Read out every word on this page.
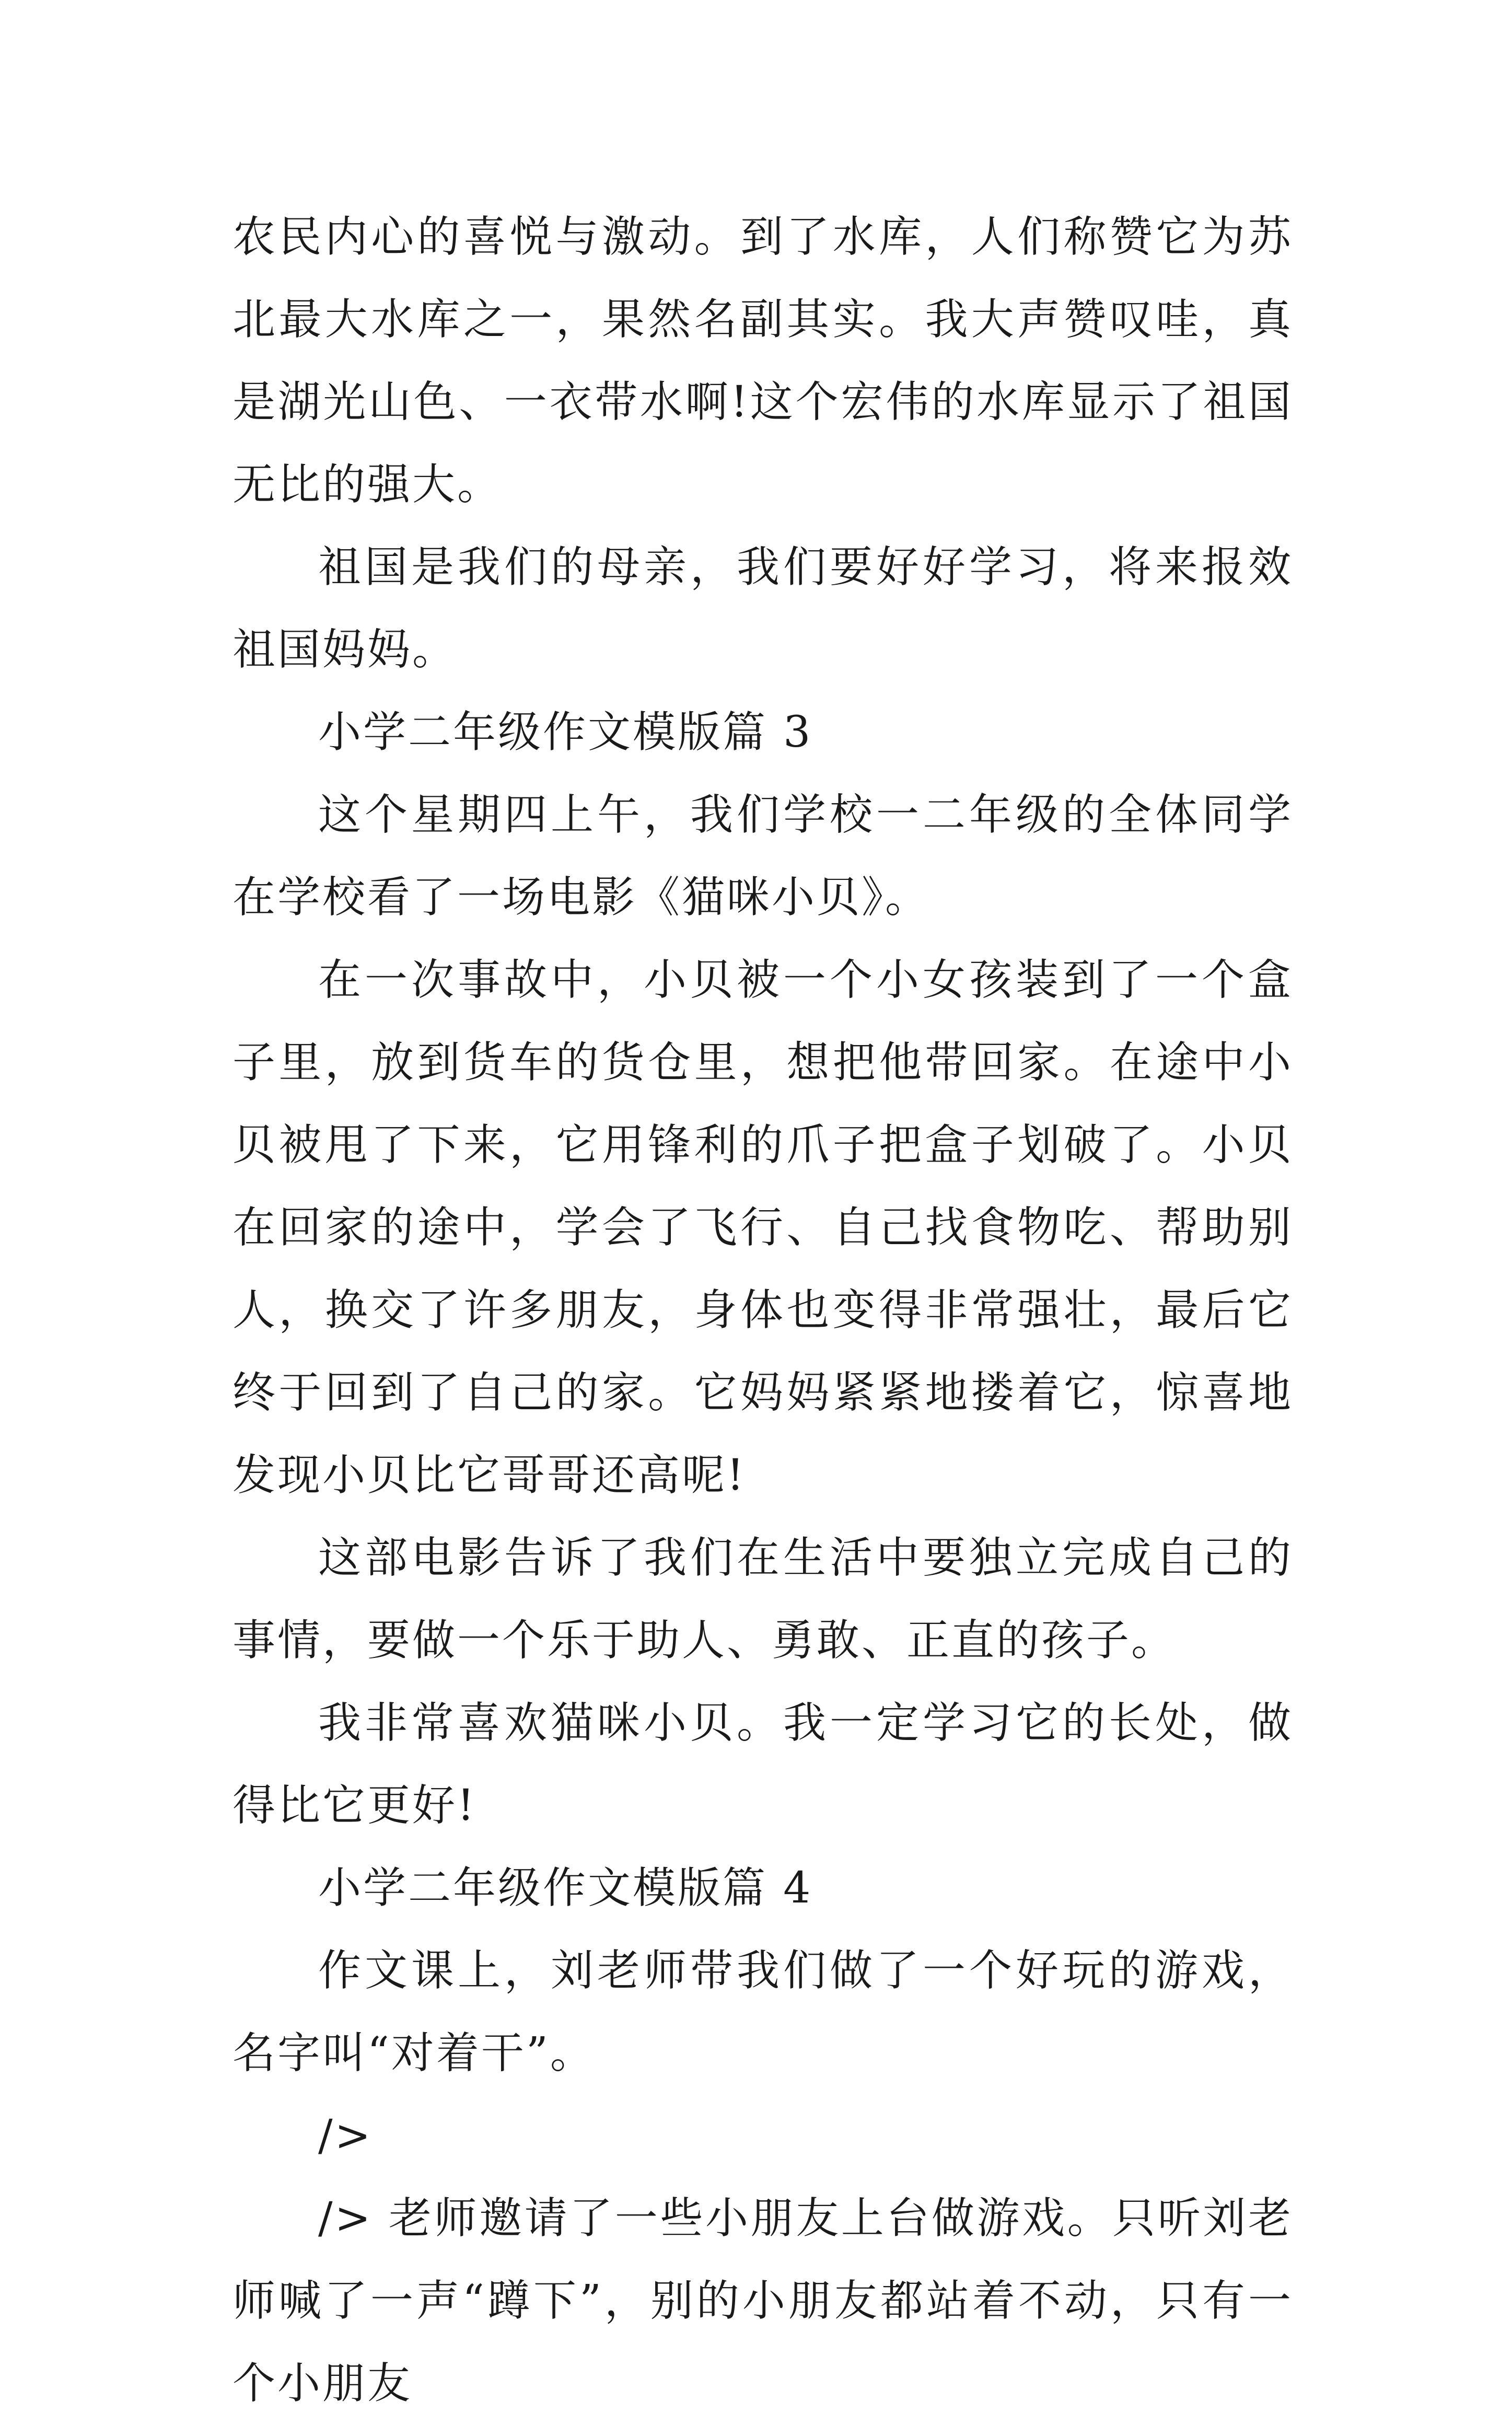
农民内心的喜悦与激动。到了水库，人们称赞它为苏北最大水库之一，果然名副其实。我大声赞叹哇，真是湖光山色、一衣带水啊!这个宏伟的水库显示了祖国无比的强大。

祖国是我们的母亲，我们要好好学习，将来报效祖国妈妈。

小学二年级作文模版篇 3

这个星期四上午，我们学校一二年级的全体同学在学校看了一场电影《猫咪小贝》。

在一次事故中，小贝被一个小女孩装到了一个盒子里，放到货车的货仓里，想把他带回家。在途中小贝被甩了下来，它用锋利的爪子把盒子划破了。小贝在回家的途中，学会了飞行、自己找食物吃、帮助别人，换交了许多朋友，身体也变得非常强壮，最后它终于回到了自己的家。它妈妈紧紧地搂着它，惊喜地发现小贝比它哥哥还高呢!

这部电影告诉了我们在生活中要独立完成自己的事情，要做一个乐于助人、勇敢、正直的孩子。

我非常喜欢猫咪小贝。我一定学习它的长处，做得比它更好!

小学二年级作文模版篇 4

作文课上，刘老师带我们做了一个好玩的游戏，名字叫“对着干”。

/>

/> 老师邀请了一些小朋友上台做游戏。只听刘老师喊了一声“蹲下”，别的小朋友都站着不动，只有一个小朋友
